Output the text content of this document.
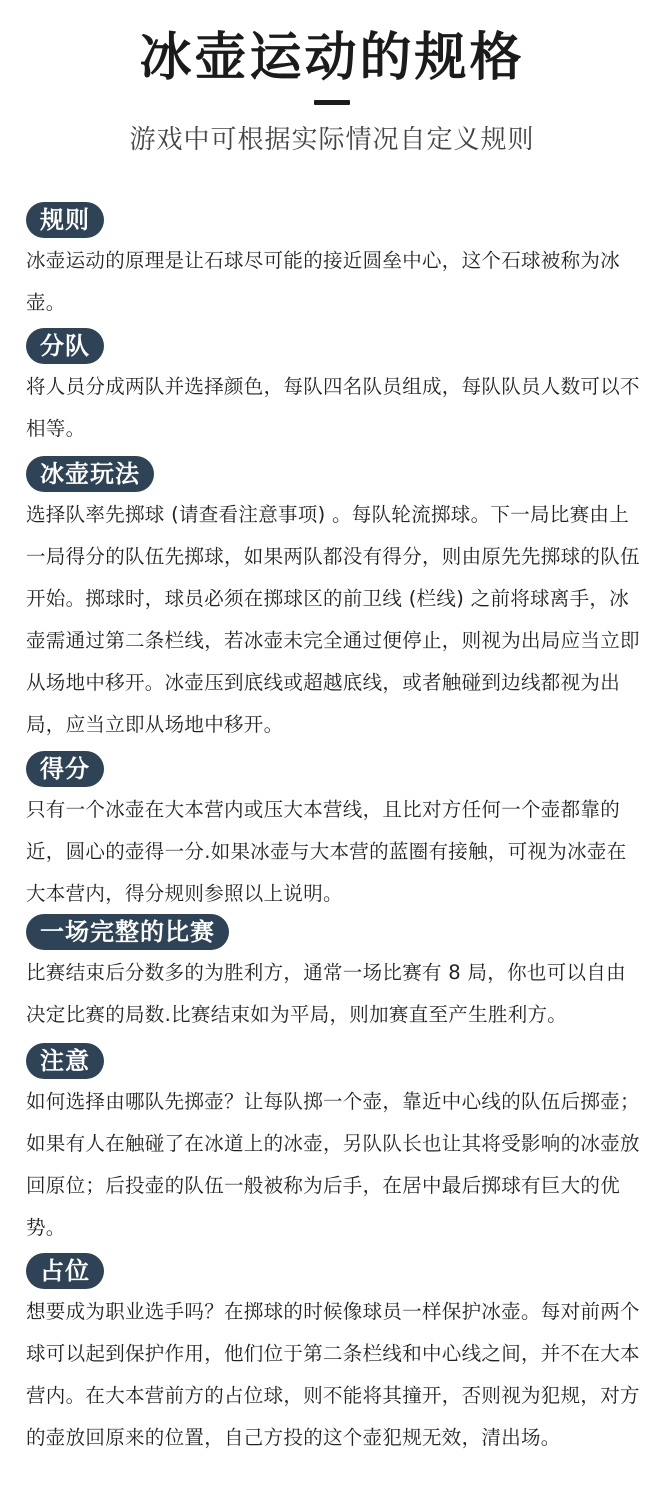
冰壶运动的规格
游戏中可根据实际情况自定义规则
规则
冰壶运动的原理是让石球尽可能的接近圆垒中心，这个石球被称为冰壶。
分队
将人员分成两队并选择颜色，每队四名队员组成，每队队员人数可以不相等。
冰壶玩法
选择队率先掷球 (请查看注意事项) 。每队轮流掷球。下一局比赛由上一局得分的队伍先掷球，如果两队都没有得分，则由原先先掷球的队伍开始。掷球时，球员必须在掷球区的前卫线 (栏线) 之前将球离手，冰壶需通过第二条栏线，若冰壶未完全通过便停止，则视为出局应当立即从场地中移开。冰壶压到底线或超越底线，或者触碰到边线都视为出局，应当立即从场地中移开。
得分
只有一个冰壶在大本营内或压大本营线，且比对方任何一个壶都靠的近，圆心的壶得一分.如果冰壶与大本营的蓝圈有接触，可视为冰壶在大本营内，得分规则参照以上说明。
一场完整的比赛
比赛结束后分数多的为胜利方，通常一场比赛有 8 局，你也可以自由决定比赛的局数.比赛结束如为平局，则加赛直至产生胜利方。
注意
如何选择由哪队先掷壶？让每队掷一个壶，靠近中心线的队伍后掷壶；如果有人在触碰了在冰道上的冰壶，另队队长也让其将受影响的冰壶放回原位；后投壶的队伍一般被称为后手，在居中最后掷球有巨大的优势。
占位
想要成为职业选手吗？在掷球的时候像球员一样保护冰壶。每对前两个球可以起到保护作用，他们位于第二条栏线和中心线之间，并不在大本营内。在大本营前方的占位球，则不能将其撞开，否则视为犯规，对方的壶放回原来的位置，自己方投的这个壶犯规无效，清出场。
